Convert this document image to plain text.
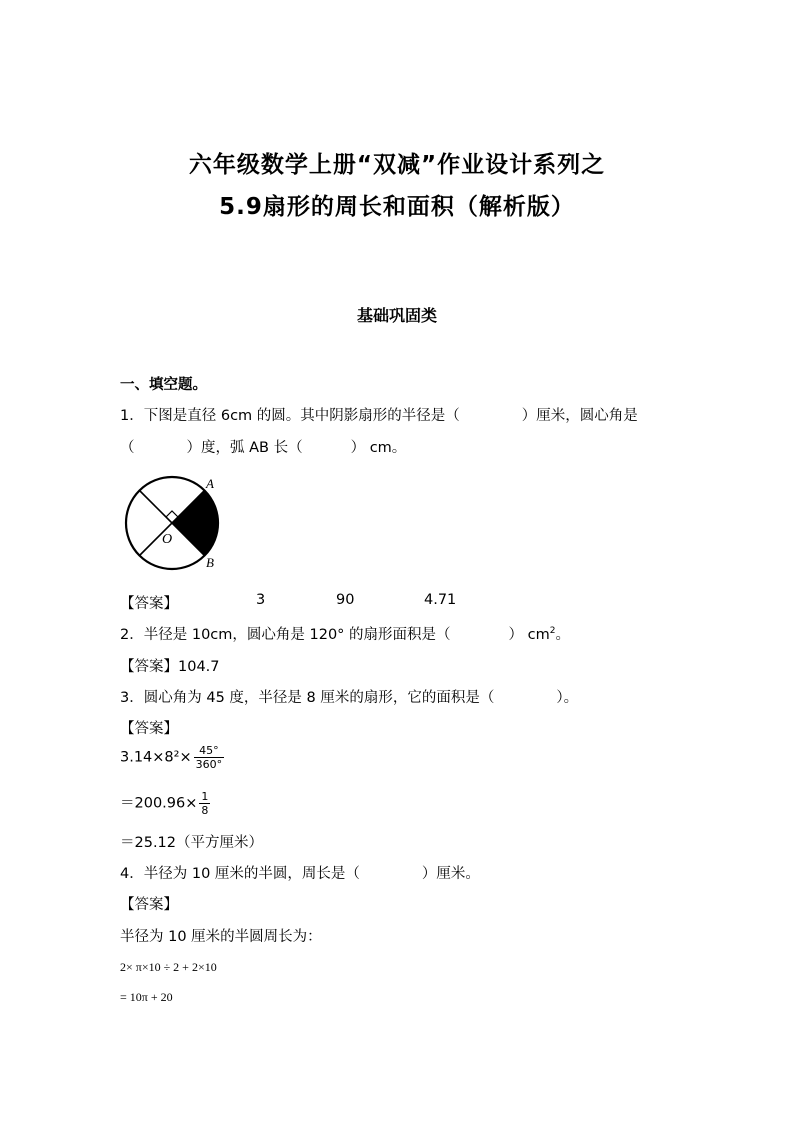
六年级数学上册“双减”作业设计系列之
5.9扇形的周长和面积（解析版）
基础巩固类
一、填空题。
1．下图是直径 6cm 的圆。其中阴影扇形的半径是（	）厘米，圆心角是
（	）度，弧 AB 长（	） cm。
A
B
O
【答案】	3	90	4.71
2．半径是 10cm，圆心角是 120° 的扇形面积是（	） $cm^2$。
【答案】104.7
3．圆心角为 45 度，半径是 8 厘米的扇形，它的面积是（	）。
【答案】
$3.14\times 8^2\times \frac{45^\circ}{360^\circ}$
$=200.96\times \frac{1}{8}$
＝25.12（平方厘米）
4．半径为 10 厘米的半圆，周长是（	）厘米。
【答案】
半径为 10 厘米的半圆周长为：
2× π×10 ÷ 2 + 2×10
= 10π + 20
